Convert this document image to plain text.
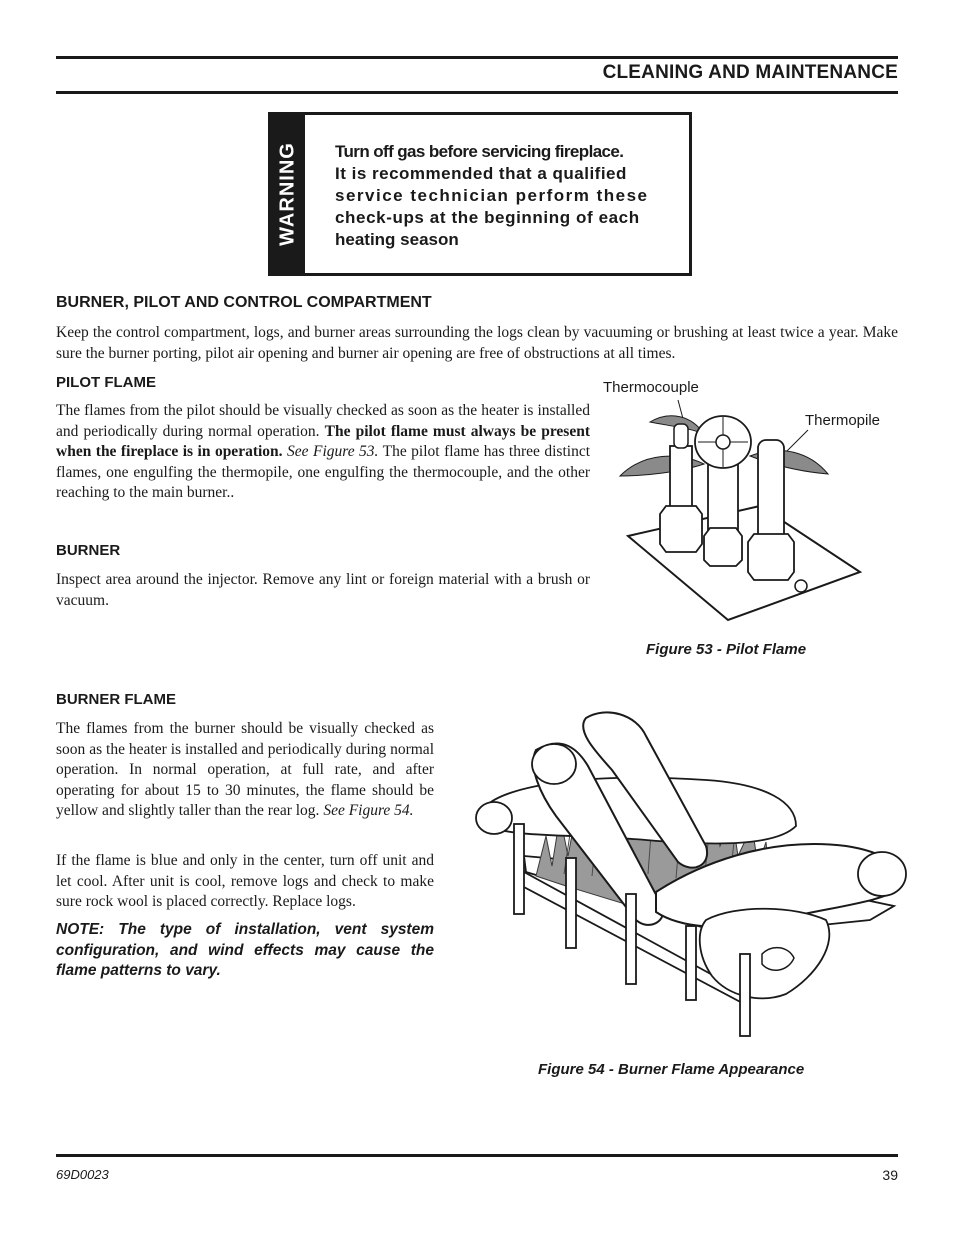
CLEANING AND MAINTENANCE
WARNING Turn off gas before servicing fireplace.
It is recommended that a qualified
service technician perform these
check-ups at the beginning of each
heating season
BURNER, PILOT AND CONTROL COMPARTMENT
Keep the control compartment, logs, and burner areas surrounding the logs clean by vacuuming or brushing at least twice a year. Make sure the burner porting, pilot air opening and burner air opening are free of obstructions at all times.
PILOT FLAME
The flames from the pilot should be visually checked as soon as the heater is installed and periodically during normal operation. The pilot flame must always be present when the fireplace is in operation. See Figure 53. The pilot flame has three distinct flames, one engulfing the thermopile, one engulfing the thermocouple, and the other reaching to the main burner..
BURNER
Inspect area around the injector. Remove any lint or foreign material with a brush or vacuum.
Thermocouple
Thermopile
Figure 53 - Pilot Flame
BURNER FLAME
The flames from the burner should be visually checked as soon as the heater is installed and periodically during normal operation. In normal operation, at full rate, and after operating for about 15 to 30 minutes, the flame should be yellow and slightly taller than the rear log. See Figure 54.
If the flame is blue and only in the center, turn off unit and let cool. After unit is cool, remove logs and check to make sure rock wool is placed correctly. Replace logs.
NOTE: The type of installation, vent system configuration, and wind effects may cause the flame patterns to vary.
Figure 54 - Burner Flame Appearance
69D0023	39
